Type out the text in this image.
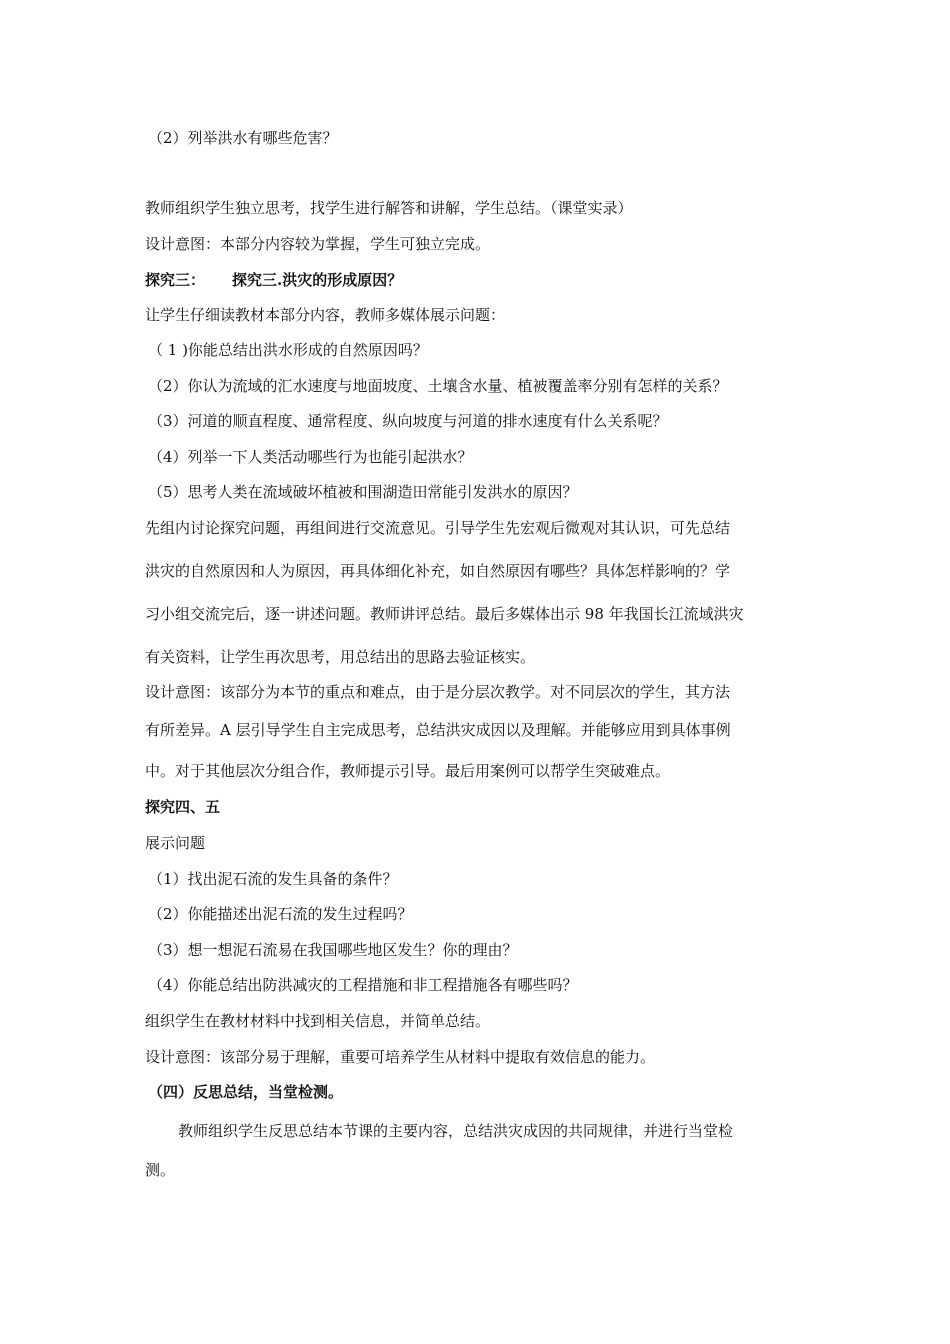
（2）列举洪水有哪些危害？
教师组织学生独立思考，找学生进行解答和讲解，学生总结。（课堂实录）
设计意图：本部分内容较为掌握，学生可独立完成。
探究三： 探究三.洪灾的形成原因？
让学生仔细读教材本部分内容，教师多媒体展示问题：
（ 1 )你能总结出洪水形成的自然原因吗？
（2）你认为流域的汇水速度与地面坡度、土壤含水量、植被覆盖率分别有怎样的关系？
（3）河道的顺直程度、通常程度、纵向坡度与河道的排水速度有什么关系呢？
（4）列举一下人类活动哪些行为也能引起洪水？
（5）思考人类在流域破坏植被和围湖造田常能引发洪水的原因？
先组内讨论探究问题，再组间进行交流意见。引导学生先宏观后微观对其认识，可先总结
洪灾的自然原因和人为原因，再具体细化补充，如自然原因有哪些？具体怎样影响的？学
习小组交流完后，逐一讲述问题。教师讲评总结。最后多媒体出示 98 年我国长江流域洪灾
有关资料，让学生再次思考，用总结出的思路去验证核实。
设计意图：该部分为本节的重点和难点，由于是分层次教学。对不同层次的学生，其方法
有所差异。A 层引导学生自主完成思考，总结洪灾成因以及理解。并能够应用到具体事例
中。对于其他层次分组合作，教师提示引导。最后用案例可以帮学生突破难点。
探究四、五
展示问题
（1）找出泥石流的发生具备的条件？
（2）你能描述出泥石流的发生过程吗？
（3）想一想泥石流易在我国哪些地区发生？你的理由？
（4）你能总结出防洪减灾的工程措施和非工程措施各有哪些吗？
组织学生在教材材料中找到相关信息，并简单总结。
设计意图：该部分易于理解，重要可培养学生从材料中提取有效信息的能力。
（四）反思总结，当堂检测。
教师组织学生反思总结本节课的主要内容，总结洪灾成因的共同规律，并进行当堂检
测。
